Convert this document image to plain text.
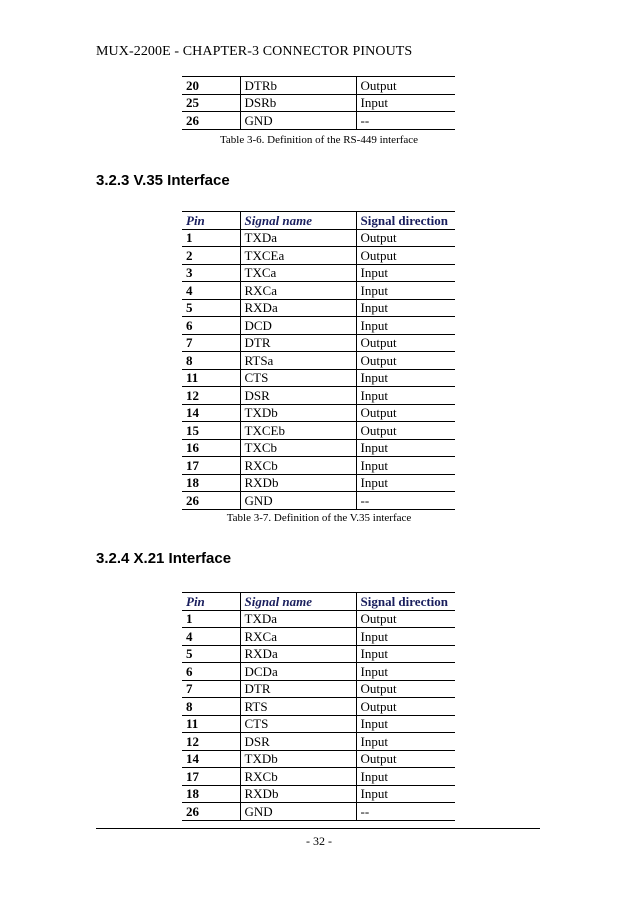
MUX-2200E - CHAPTER-3 CONNECTOR PINOUTS
20	DTRb	Output
25	DSRb	Input
26	GND	--
Table 3-6. Definition of the RS-449 interface
3.2.3 V.35 Interface
Pin	Signal name	Signal direction
1	TXDa	Output
2	TXCEa	Output
3	TXCa	Input
4	RXCa	Input
5	RXDa	Input
6	DCD	Input
7	DTR	Output
8	RTSa	Output
11	CTS	Input
12	DSR	Input
14	TXDb	Output
15	TXCEb	Output
16	TXCb	Input
17	RXCb	Input
18	RXDb	Input
26	GND	--
Table 3-7. Definition of the V.35 interface
3.2.4 X.21 Interface
Pin	Signal name	Signal direction
1	TXDa	Output
4	RXCa	Input
5	RXDa	Input
6	DCDa	Input
7	DTR	Output
8	RTS	Output
11	CTS	Input
12	DSR	Input
14	TXDb	Output
17	RXCb	Input
18	RXDb	Input
26	GND	--
- 32 -
